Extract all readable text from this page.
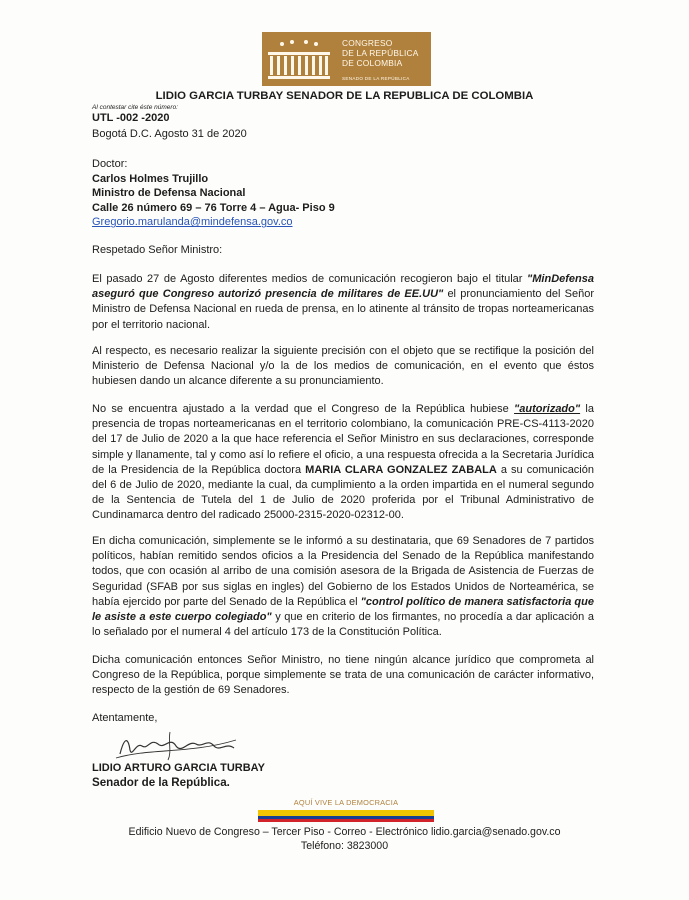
CONGRESO
DE LA REPÚBLICA
DE COLOMBIA
SENADO DE LA REPÚBLICA
LIDIO GARCIA TURBAY SENADOR DE LA REPUBLICA DE COLOMBIA
Al contestar cite éste número:
UTL -002 -2020
Bogotá D.C. Agosto 31 de 2020
Doctor:
Carlos Holmes Trujillo
Ministro de Defensa Nacional
Calle 26 número 69 – 76 Torre 4 – Agua- Piso 9
Gregorio.marulanda@mindefensa.gov.co
Respetado Señor Ministro:

El pasado 27 de Agosto diferentes medios de comunicación recogieron bajo el titular "MinDefensa aseguró que Congreso autorizó presencia de militares de EE.UU" el pronunciamiento del Señor Ministro de Defensa Nacional en rueda de prensa, en lo atinente al tránsito de tropas norteamericanas por el territorio nacional.

Al respecto, es necesario realizar la siguiente precisión con el objeto que se rectifique la posición del Ministerio de Defensa Nacional y/o la de los medios de comunicación, en el evento que éstos hubiesen dando un alcance diferente a su pronunciamiento.

No se encuentra ajustado a la verdad que el Congreso de la República hubiese "autorizado" la presencia de tropas norteamericanas en el territorio colombiano, la comunicación PRE-CS-4113-2020 del 17 de Julio de 2020 a la que hace referencia el Señor Ministro en sus declaraciones, corresponde simple y llanamente, tal y como así lo refiere el oficio, a una respuesta ofrecida a la Secretaria Jurídica de la Presidencia de la República doctora MARIA CLARA GONZALEZ ZABALA a su comunicación del 6 de Julio de 2020, mediante la cual, da cumplimiento a la orden impartida en el numeral segundo de la Sentencia de Tutela del 1 de Julio de 2020 proferida por el Tribunal Administrativo de Cundinamarca dentro del radicado 25000-2315-2020-02312-00.

En dicha comunicación, simplemente se le informó a su destinataria, que 69 Senadores de 7 partidos políticos, habían remitido sendos oficios a la Presidencia del Senado de la República manifestando todos, que con ocasión al arribo de una comisión asesora de la Brigada de Asistencia de Fuerzas de Seguridad (SFAB por sus siglas en ingles) del Gobierno de los Estados Unidos de Norteamérica, se había ejercido por parte del Senado de la República el "control político de manera satisfactoria que le asiste a este cuerpo colegiado" y que en criterio de los firmantes, no procedía a dar aplicación a lo señalado por el numeral 4 del artículo 173 de la Constitución Política.

Dicha comunicación entonces Señor Ministro, no tiene ningún alcance jurídico que comprometa al Congreso de la República, porque simplemente se trata de una comunicación de carácter informativo, respecto de la gestión de 69 Senadores.

Atentamente,
LIDIO ARTURO GARCIA TURBAY
Senador de la República.
AQUÍ VIVE LA DEMOCRACIA
Edificio Nuevo de Congreso – Tercer Piso - Correo - Electrónico lidio.garcia@senado.gov.co
Teléfono: 3823000
